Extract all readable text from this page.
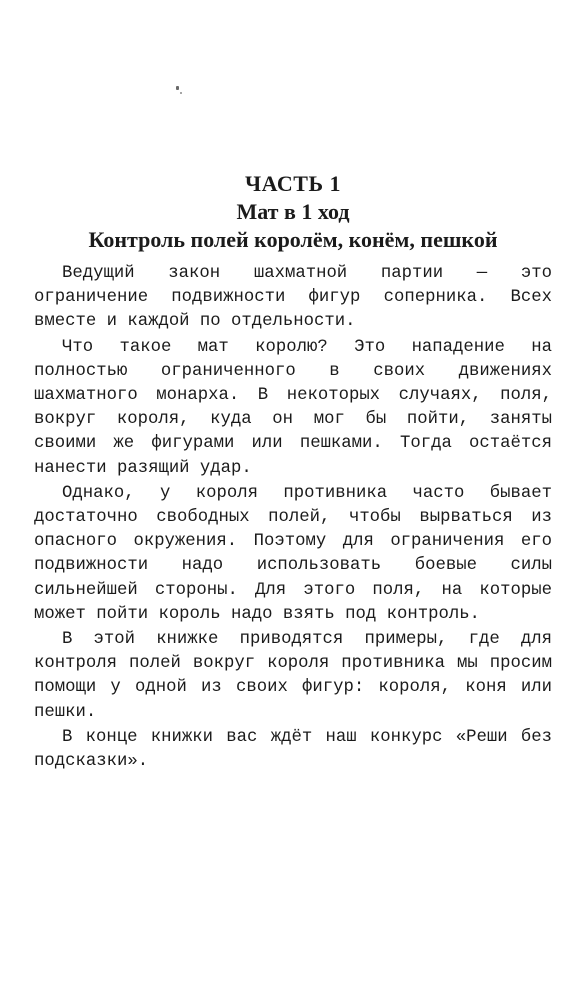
ЧАСТЬ 1
Мат в 1 ход
Контроль полей королём, конём, пешкой

Ведущий закон шахматной партии — это ограничение подвижности фигур соперника. Всех вместе и каждой по отдельности.

Что такое мат королю? Это нападение на полностью ограниченного в своих движениях шахматного монарха. В некоторых случаях, поля, вокруг короля, куда он мог бы пойти, заняты своими же фигурами или пешками. Тогда остаётся нанести разящий удар.

Однако, у короля противника часто бывает достаточно свободных полей, чтобы вырваться из опасного окружения. Поэтому для ограничения его подвижности надо использовать боевые силы сильнейшей стороны. Для этого поля, на которые может пойти король надо взять под контроль.

В этой книжке приводятся примеры, где для контроля полей вокруг короля противника мы просим помощи у одной из своих фигур: короля, коня или пешки.

В конце книжки вас ждёт наш конкурс «Реши без подсказки».
